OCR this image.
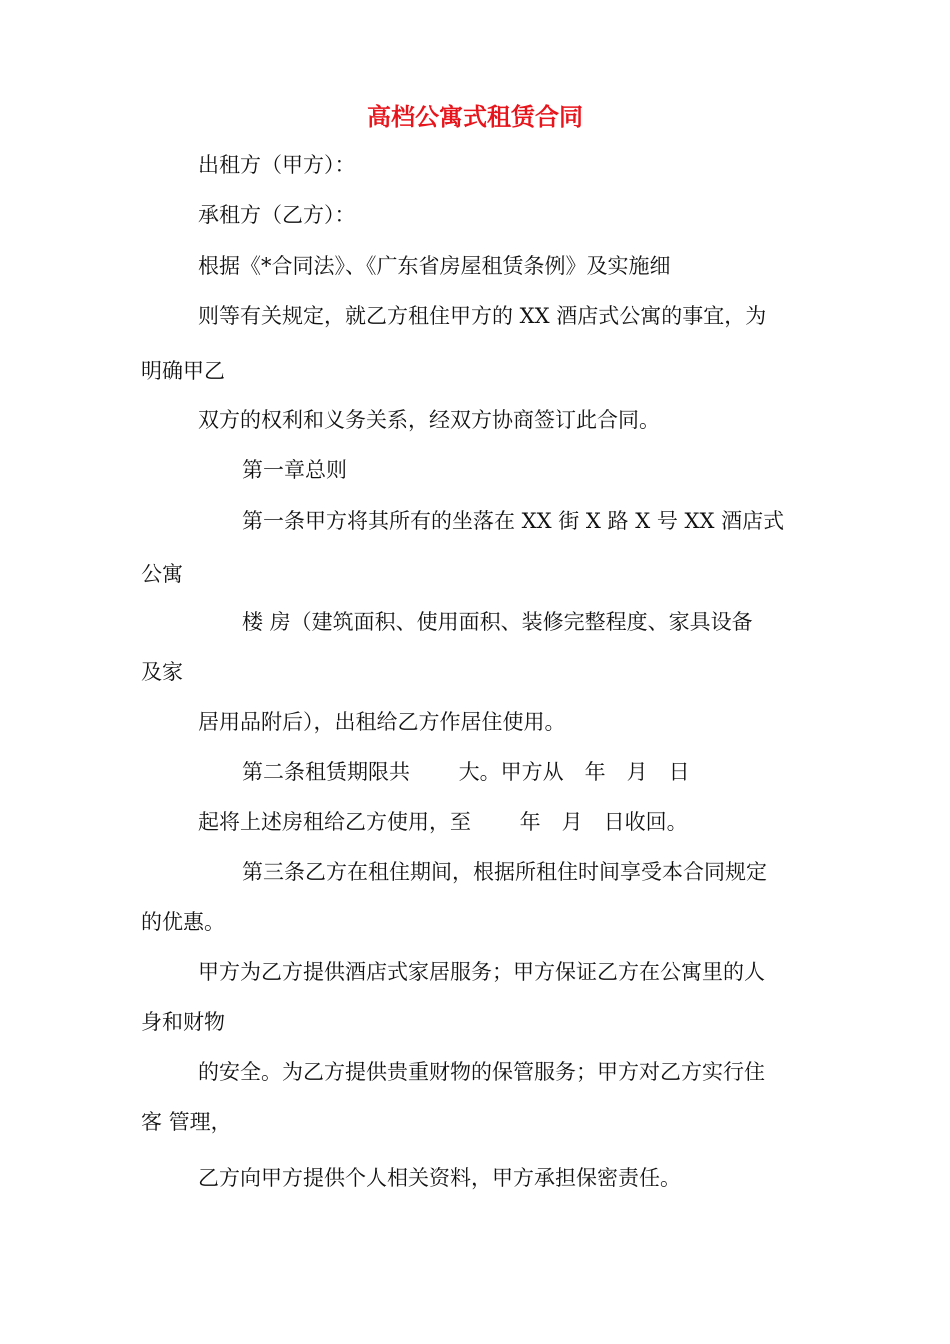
高档公寓式租赁合同
出租方（甲方）：
承租方（乙方）：
根据《*合同法》、《广东省房屋租赁条例》及实施细
则等有关规定，就乙方租住甲方的 XX 酒店式公寓的事宜，为
明确甲乙
双方的权利和义务关系，经双方协商签订此合同。
第一章总则
第一条甲方将其所有的坐落在 XX 街 X 路 X 号 XX 酒店式
公寓
楼 房（建筑面积、使用面积、装修完整程度、家具设备
及家
居用品附后），出租给乙方作居住使用。
第二条租赁期限共　　 大。甲方从　年　月　日
起将上述房租给乙方使用，至　　 年　月　日收回。
第三条乙方在租住期间，根据所租住时间享受本合同规定
的优惠。
甲方为乙方提供酒店式家居服务；甲方保证乙方在公寓里的人
身和财物
的安全。为乙方提供贵重财物的保管服务；甲方对乙方实行住
客 管理，
乙方向甲方提供个人相关资料，甲方承担保密责任。
